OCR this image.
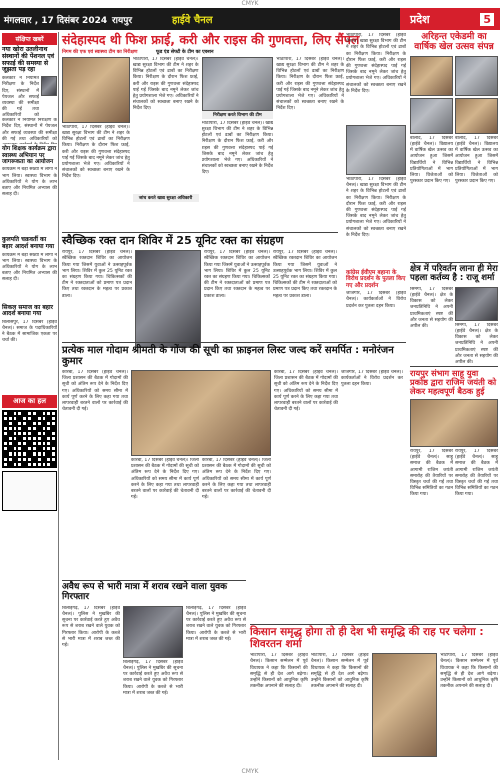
CMYK
मंगलवार , 17 दिसंबर 2024 रायपुर	हाईवे चैनल	प्रदेश	5
संक्षिप्त खबरें
नया खोरा उतलीनाथ संस्थानों की पेंशनल एवं सफाई की समस्या से जूझता पड़ रहा
कलेक्टर ने नियमित निरीक्षण के निर्देश दिए, संस्थानों में पेयजल और सफाई व्यवस्था की समीक्षा की गई तथा अधिकारियों को
कलेक्टर ने नियमित निरीक्षण के निर्देश दिए, संस्थानों में पेयजल और सफाई व्यवस्था की समीक्षा की गई तथा अधिकारियों को
योग शिक्षक कार्यक्रम द्वारा स्वास्थ्य अभियान पर जागरूकता का आयोजन
कार्यक्रम में बड़ी संख्या में लोगों ने भाग लिया। स्वास्थ्य विभाग के अधिकारियों ने योग के लाभ बताए और नियमित अभ्यास की सलाह दी।
कुलपति चक्रवर्ती का बहार आदर्श बनाया गया
कार्यक्रम में बड़ी संख्या में लोगों ने भाग लिया। स्वास्थ्य विभाग के अधिकारियों ने योग के लाभ बताए और नियमित अभ्यास की सलाह दी।
सिकल समाज का बहार आदर्श बनाया गया
बिलासपुर, 17 दिसंबर (हाईवे चैनल)। समाज के पदाधिकारियों ने बैठक में सामाजिक एकता पर चर्चा की।
आज का हल
संदेहास्पद थी फिश फ्राई, करी और राइस की गुणवत्ता, लिए सैंपल
निगम की एफ एवं स्वास्थ्य टीम का निरीक्षण	फूड एंड सेफ्टी के टीम का एक्शन
भाठापारा, 17 दिसंबर (हाईवे चैनल)। खाद्य सुरक्षा विभाग की टीम ने शहर के विभिन्न होटलों एवं ढाबों का निरीक्षण किया। निरीक्षण के दौरान फिश फ्राई, करी और राइस की गुणवत्ता संदेहास्पद पाई गई जिसके बाद नमूने लेकर जांच हेतु प्रयोगशाला भेजे गए। अधिकारियों ने संचालकों को स्वच्छता बनाए रखने के निर्देश दिए।
भाठापारा, 17 दिसंबर (हाईवे चैनल)। खाद्य सुरक्षा विभाग की टीम ने शहर के विभिन्न होटलों एवं ढाबों का निरीक्षण किया। निरीक्षण के दौरान फिश फ्राई, करी और राइस की गुणवत्ता संदेहास्पद पाई गई जिसके बाद नमूने लेकर जांच हेतु प्रयोगशाला भेजे गए। अधिकारियों ने संचालकों को स्वच्छता बनाए रखने के निर्देश दिए।
जांच करते खाद्य सुरक्षा अधिकारी
निरीक्षण करते विभाग की टीम
भाठापारा, 17 दिसंबर (हाईवे चैनल)। खाद्य सुरक्षा विभाग की टीम ने शहर के विभिन्न होटलों एवं ढाबों का निरीक्षण किया। निरीक्षण के दौरान फिश फ्राई, करी और राइस की गुणवत्ता संदेहास्पद पाई गई जिसके बाद नमूने लेकर जांच हेतु प्रयोगशाला भेजे गए। अधिकारियों ने संचालकों को स्वच्छता बनाए रखने के निर्देश दिए।
भाठापारा, 17 दिसंबर (हाईवे चैनल)। खाद्य सुरक्षा विभाग की टीम ने शहर के विभिन्न होटलों एवं ढाबों का निरीक्षण किया। निरीक्षण के दौरान फिश फ्राई, करी और राइस की गुणवत्ता संदेहास्पद पाई गई जिसके बाद नमूने लेकर जांच हेतु प्रयोगशाला भेजे गए। अधिकारियों ने संचालकों को स्वच्छता बनाए रखने के निर्देश दिए।
स्वैच्छिक रक्त दान शिविर में 25 यूनिट रक्त का संग्रहण
रायपुर, 17 दिसंबर (हाईवे चैनल)। स्वैच्छिक रक्तदान शिविर का आयोजन किया गया जिसमें युवाओं ने उत्साहपूर्वक भाग लिया। शिविर में कुल 25 यूनिट रक्त का संग्रहण किया गया। चिकित्सकों की टीम ने रक्तदाताओं को प्रमाण पत्र प्रदान किए तथा रक्तदान के महत्व पर प्रकाश डाला।
रायपुर, 17 दिसंबर (हाईवे चैनल)। स्वैच्छिक रक्तदान शिविर का आयोजन किया गया जिसमें युवाओं ने उत्साहपूर्वक भाग लिया। शिविर में कुल 25 यूनिट रक्त का संग्रहण किया गया। चिकित्सकों की टीम ने रक्तदाताओं को प्रमाण पत्र प्रदान किए तथा रक्तदान के महत्व पर प्रकाश डाला।
रायपुर, 17 दिसंबर (हाईवे चैनल)। स्वैच्छिक रक्तदान शिविर का आयोजन किया गया जिसमें युवाओं ने उत्साहपूर्वक भाग लिया। शिविर में कुल 25 यूनिट रक्त का संग्रहण किया गया। चिकित्सकों की टीम ने रक्तदाताओं को प्रमाण पत्र प्रदान किए तथा रक्तदान के महत्व पर प्रकाश डाला।
भाठापारा, 17 दिसंबर (हाईवे चैनल)। खाद्य सुरक्षा विभाग की टीम ने शहर के विभिन्न होटलों एवं ढाबों का निरीक्षण किया। निरीक्षण के दौरान फिश फ्राई, करी और राइस की गुणवत्ता संदेहास्पद पाई गई जिसके बाद नमूने लेकर जांच हेतु प्रयोगशाला भेजे गए। अधिकारियों ने संचालकों को स्वच्छता बनाए रखने के निर्देश दिए।
भाठापारा, 17 दिसंबर (हाईवे चैनल)। खाद्य सुरक्षा विभाग की टीम ने शहर के विभिन्न होटलों एवं ढाबों का निरीक्षण किया। निरीक्षण के दौरान फिश फ्राई, करी और राइस की गुणवत्ता संदेहास्पद पाई गई जिसके बाद नमूने लेकर जांच हेतु प्रयोगशाला भेजे गए। अधिकारियों ने संचालकों को स्वच्छता बनाए रखने के निर्देश दिए।
कांग्रेस ईवीएम बहाना के विरोध प्रदर्शन के पुतला किए गए और प्रदर्शन
जांजगीर, 17 दिसंबर (हाईवे चैनल)। कार्यकर्ताओं ने विरोध प्रदर्शन कर पुतला दहन किया।
प्रत्येक माल गोदाम श्रीमती के गोंज की सूची का फ़ाइनल लिस्ट जल्द करें समर्पित : मनोरंजन कुमार
कोरबा, 17 दिसंबर (हाईवे चैनल)। जिला प्रशासन की बैठक में गोदामों की सूची को अंतिम रूप देने के निर्देश दिए गए। अधिकारियों को समय सीमा में कार्य पूर्ण करने के लिए कहा गया तथा लापरवाही बरतने वालों पर कार्रवाई की चेतावनी दी गई।
कोरबा, 17 दिसंबर (हाईवे चैनल)। जिला प्रशासन की बैठक में गोदामों की सूची को अंतिम रूप देने के निर्देश दिए गए। अधिकारियों को समय सीमा में कार्य पूर्ण करने के लिए कहा गया तथा लापरवाही बरतने वालों पर कार्रवाई की चेतावनी दी गई।
कोरबा, 17 दिसंबर (हाईवे चैनल)। जिला प्रशासन की बैठक में गोदामों की सूची को अंतिम रूप देने के निर्देश दिए गए। अधिकारियों को समय सीमा में कार्य पूर्ण करने के लिए कहा गया तथा लापरवाही बरतने वालों पर कार्रवाई की चेतावनी दी गई।
कोरबा, 17 दिसंबर (हाईवे चैनल)। जिला प्रशासन की बैठक में गोदामों की सूची को अंतिम रूप देने के निर्देश दिए गए। अधिकारियों को समय सीमा में कार्य पूर्ण करने के लिए कहा गया तथा लापरवाही बरतने वालों पर कार्रवाई की चेतावनी दी गई।
जांजगीर, 17 दिसंबर (हाईवे चैनल)। कार्यकर्ताओं ने विरोध प्रदर्शन कर पुतला दहन किया।
अवैध रूप से भारी मात्रा में शराब रखने वाला युवक गिरफ्तार
बिलाईगढ़, 17 दिसंबर (हाईवे चैनल)। पुलिस ने मुखबिर की सूचना पर कार्रवाई करते हुए अवैध रूप से शराब रखने वाले युवक को गिरफ्तार किया। आरोपी के कब्जे से भारी मात्रा में शराब जब्त की गई।
बिलाईगढ़, 17 दिसंबर (हाईवे चैनल)। पुलिस ने मुखबिर की सूचना पर कार्रवाई करते हुए अवैध रूप से शराब रखने वाले युवक को गिरफ्तार किया। आरोपी के कब्जे से भारी मात्रा में शराब जब्त की गई।
बिलाईगढ़, 17 दिसंबर (हाईवे चैनल)। पुलिस ने मुखबिर की सूचना पर कार्रवाई करते हुए अवैध रूप से शराब रखने वाले युवक को गिरफ्तार किया। आरोपी के कब्जे से भारी मात्रा में शराब जब्त की गई।
किसान समृद्ध होगा तो ही देश भी समृद्धि की राह पर चलेगा : शिवरतन शर्मा
भाटापारा, 17 दिसंबर (हाईवे चैनल)। किसान सम्मेलन में पूर्व विधायक ने कहा कि किसानों की समृद्धि से ही देश आगे बढ़ेगा। उन्होंने किसानों को आधुनिक कृषि तकनीक अपनाने की सलाह दी।
भाटापारा, 17 दिसंबर (हाईवे चैनल)। किसान सम्मेलन में पूर्व विधायक ने कहा कि किसानों की समृद्धि से ही देश आगे बढ़ेगा। उन्होंने किसानों को आधुनिक कृषि तकनीक अपनाने की सलाह दी।
भाटापारा, 17 दिसंबर (हाईवे चैनल)। किसान सम्मेलन में पूर्व विधायक ने कहा कि किसानों की समृद्धि से ही देश आगे बढ़ेगा। उन्होंने किसानों को आधुनिक कृषि तकनीक अपनाने की सलाह दी।
अरिहन्त एकेडमी का वार्षिक खेल उत्सव संपन्न
बालोद, 17 दिसंबर (हाईवे चैनल)। विद्यालय में वार्षिक खेल उत्सव का आयोजन हुआ जिसमें विद्यार्थियों ने विभिन्न प्रतियोगिताओं में भाग लिया। विजेताओं को पुरस्कार प्रदान किए गए।
बालोद, 17 दिसंबर (हाईवे चैनल)। विद्यालय में वार्षिक खेल उत्सव का आयोजन हुआ जिसमें विद्यार्थियों ने विभिन्न प्रतियोगिताओं में भाग लिया। विजेताओं को पुरस्कार प्रदान किए गए।
क्षेत्र में परिवर्तन लाना ही मेरा पहला कर्तव्य है : राजू शर्मा
सिमगा, 17 दिसंबर (हाईवे चैनल)। क्षेत्र के विकास को लेकर जनप्रतिनिधि ने अपनी प्राथमिकताएं स्पष्ट कीं और जनता से सहयोग की अपील की।	सिमगा, 17 दिसंबर (हाईवे चैनल)। क्षेत्र के विकास को लेकर जनप्रतिनिधि ने अपनी प्राथमिकताएं स्पष्ट कीं और जनता से सहयोग की अपील की।
रायपुर संभाग साहू युवा प्रकोष्ठ द्वारा राजिम जयंती को लेकर महत्वपूर्ण बैठक हुई
रायपुर, 17 दिसंबर (हाईवे चैनल)। साहू समाज की बैठक में आगामी राजिम जयंती समारोह की तैयारियों पर विस्तृत चर्चा की गई तथा विभिन्न समितियों का गठन किया गया।
रायपुर, 17 दिसंबर (हाईवे चैनल)। साहू समाज की बैठक में आगामी राजिम जयंती समारोह की तैयारियों पर विस्तृत चर्चा की गई तथा विभिन्न समितियों का गठन किया गया।
CMYK
